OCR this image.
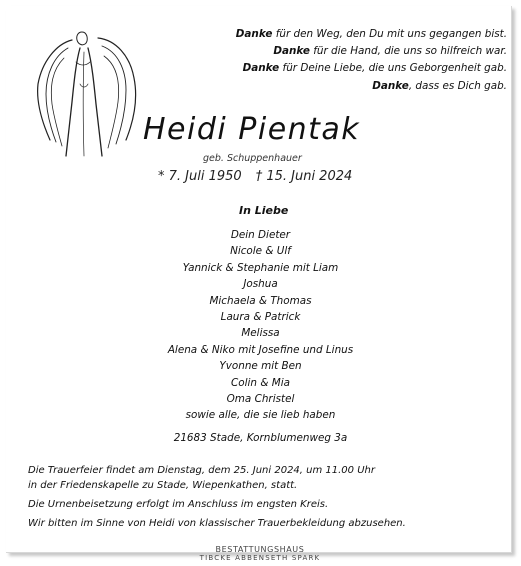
Danke für den Weg, den Du mit uns gegangen bist.
Danke für die Hand, die uns so hilfreich war.
Danke für Deine Liebe, die uns Geborgenheit gab.
Danke, dass es Dich gab.
Heidi Pientak
geb. Schuppenhauer
* 7. Juli 1950 † 15. Juni 2024
In Liebe
Dein Dieter
Nicole & Ulf
Yannick & Stephanie mit Liam
Joshua
Michaela & Thomas
Laura & Patrick
Melissa
Alena & Niko mit Josefine und Linus
Yvonne mit Ben
Colin & Mia
Oma Christel
sowie alle, die sie lieb haben
21683 Stade, Kornblumenweg 3a

Die Trauerfeier findet am Dienstag, dem 25. Juni 2024, um 11.00 Uhr
in der Friedenskapelle zu Stade, Wiepenkathen, statt.

Die Urnenbeisetzung erfolgt im Anschluss im engsten Kreis.

Wir bitten im Sinne von Heidi von klassischer Trauerbekleidung abzusehen.

BESTATTUNGSHAUS
TIBCKE ABBENSETH SPARK
